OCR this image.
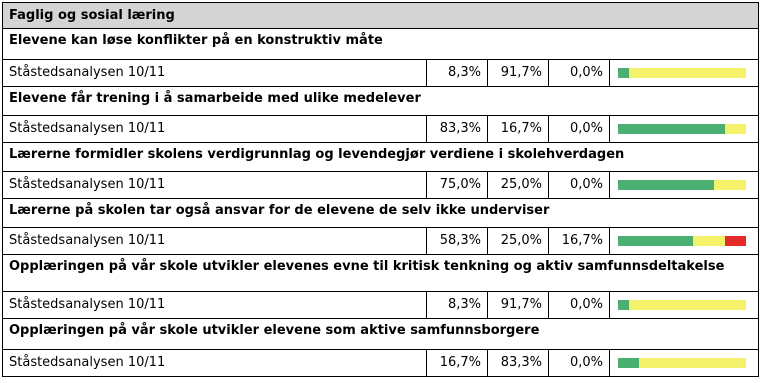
Faglig og sosial læring
Elevene kan løse konflikter på en konstruktiv måte
Ståstedsanalysen 10/11	8,3%	91,7%	0,0%
Elevene får trening i å samarbeide med ulike medelever
Ståstedsanalysen 10/11	83,3%	16,7%	0,0%
Lærerne formidler skolens verdigrunnlag og levendegjør verdiene i skolehverdagen
Ståstedsanalysen 10/11	75,0%	25,0%	0,0%
Lærerne på skolen tar også ansvar for de elevene de selv ikke underviser
Ståstedsanalysen 10/11	58,3%	25,0%	16,7%
Opplæringen på vår skole utvikler elevenes evne til kritisk tenkning og aktiv samfunnsdeltakelse
Ståstedsanalysen 10/11	8,3%	91,7%	0,0%
Opplæringen på vår skole utvikler elevene som aktive samfunnsborgere
Ståstedsanalysen 10/11	16,7%	83,3%	0,0%
